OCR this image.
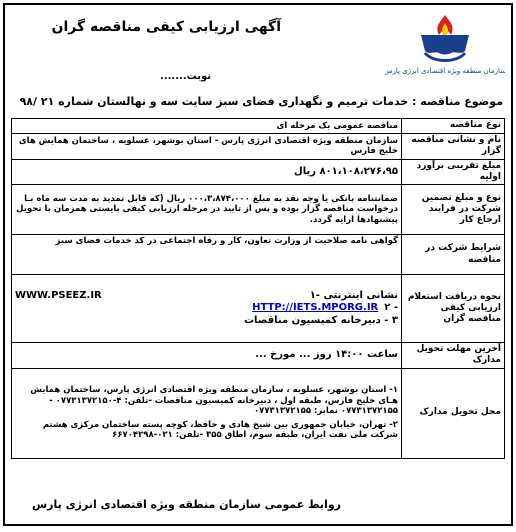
سازمان منطقه ویژه اقتصادی انرژی پارس
آگهی ارزیابی کیفی مناقصه گران
نوبت.......
موضوع مناقصه : خدمات ترمیم و نگهداری فضای سبز سایت سه و نهالستان شماره ۲۱ /۹۸
نوع مناقصه	مناقصه عمومی یک مرحله ای
نام و نشانی مناقصه گزار	سازمان منطقه ویژه اقتصادی انرژی پارس - استان بوشهر، عسلویه ، ساختمان همایش های خلیج فارس
مبلغ تقریبی برآورد اولیه	۸۰۱،۱۰۸،۲۷۶،۹۵ ریال
نوع و مبلغ تضمین شرکت در فرایند ارجاع کار	ضمانتنامه بانکی یا وجه نقد به مبلغ ۰۰۰،۳،۸۷۴،۰۰۰ ریال (که قابل تمدید به مدت سه ماه بـا درخواست مناقصه گزار بوده و پس از تایید در مرحله ارزیابی کیفی بایستی همزمان با تحویل پیشنهادها ارایه گردد.
شرایط شرکت در مناقصه	گواهی نامه صلاحیت از وزارت تعاون، کار و رفاه اجتماعی در کد خدمات فضای سبز
نحوه دریافت استعلام ارزیابی کیفی مناقصه گران	WWW.PSEEZ.IR ۱- نشانی اینترنتی
HTTP://IETS.MPORG.IR ۲ -
۳ - دبیرخانه کمیسیون مناقصات

آخرین مهلت تحویل مدارک	ساعت ۱۴:۰۰ روز ... مورخ ...
محل تحویل مدارک	۱- استان بوشهر، عسلویه ، سازمان منطقه ویژه اقتصادی انرژی پارس، ساختمان همایش هـای خلیج فارس، طبقه اول ، دبیرخانه کمیسیون مناقصات -تلفن: ۴-۰۷۷۳۱۳۷۲۱۵۰ - ۰۷۷۳۱۳۷۲۱۵۵ نمابر: ۰۷۷۳۱۳۷۲۱۵۵
۲- تهران، خیابان جمهوری بین شیخ هادی و حافظ، کوچه پسته ساختمان مرکزی هشتم شرکت ملی نفت ایران، طبقه سوم، اطاق ۳۵۵ -تلفن: ۰۲۱-۶۶۷۰۴۲۹۸
روابط عمومی سازمان منطقه ویژه اقتصادی انرژی پارس
